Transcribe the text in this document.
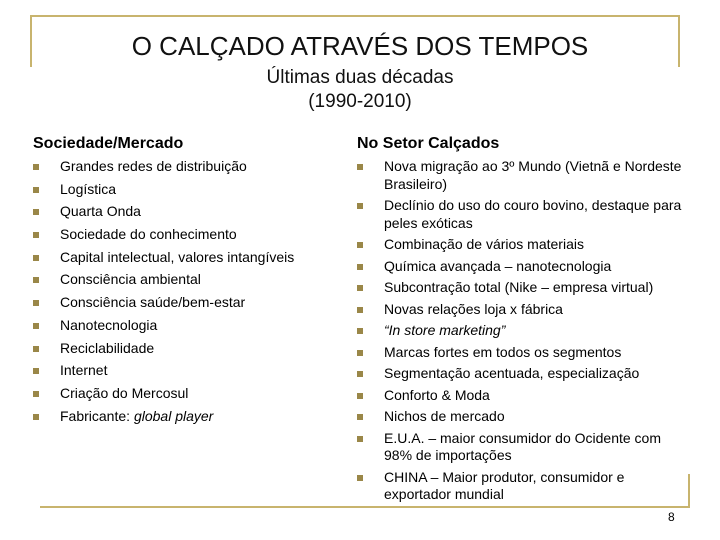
O CALÇADO ATRAVÉS DOS TEMPOS
Últimas duas décadas
(1990-2010)
Sociedade/Mercado
Grandes redes de distribuição
Logística
Quarta Onda
Sociedade do conhecimento
Capital intelectual, valores intangíveis
Consciência ambiental
Consciência saúde/bem-estar
Nanotecnologia
Reciclabilidade
Internet
Criação do Mercosul
Fabricante: global player
No Setor Calçados
Nova migração ao 3º Mundo (Vietnã e Nordeste Brasileiro)
Declínio do uso do couro bovino, destaque para peles exóticas
Combinação de vários materiais
Química avançada – nanotecnologia
Subcontração total (Nike – empresa virtual)
Novas relações loja x fábrica
“In store marketing”
Marcas fortes em todos os segmentos
Segmentação acentuada, especialização
Conforto & Moda
Nichos de mercado
E.U.A. – maior consumidor do Ocidente com 98% de importações
CHINA – Maior produtor, consumidor e exportador mundial
8
